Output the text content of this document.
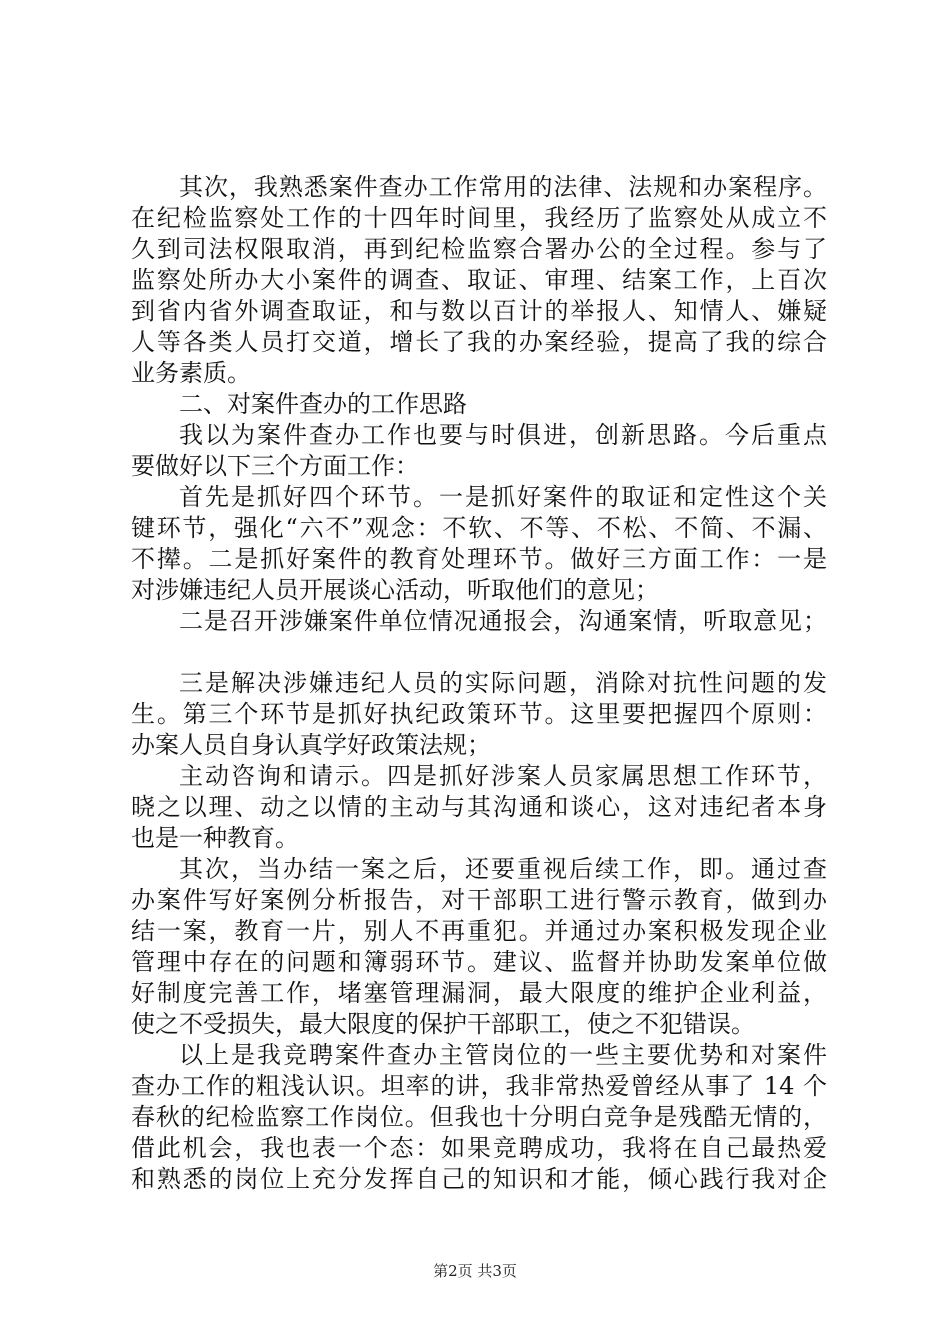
其次，我熟悉案件查办工作常用的法律、法规和办案程序。
在纪检监察处工作的十四年时间里，我经历了监察处从成立不
久到司法权限取消，再到纪检监察合署办公的全过程。参与了
监察处所办大小案件的调查、取证、审理、结案工作，上百次
到省内省外调查取证，和与数以百计的举报人、知情人、嫌疑
人等各类人员打交道，增长了我的办案经验，提高了我的综合
业务素质。
二、对案件查办的工作思路
我以为案件查办工作也要与时俱进，创新思路。今后重点
要做好以下三个方面工作：
首先是抓好四个环节。一是抓好案件的取证和定性这个关
键环节，强化“六不”观念：不软、不等、不松、不简、不漏、
不撵。二是抓好案件的教育处理环节。做好三方面工作：一是
对涉嫌违纪人员开展谈心活动，听取他们的意见；
二是召开涉嫌案件单位情况通报会，沟通案情，听取意见；
三是解决涉嫌违纪人员的实际问题，消除对抗性问题的发
生。第三个环节是抓好执纪政策环节。这里要把握四个原则：
办案人员自身认真学好政策法规；
主动咨询和请示。四是抓好涉案人员家属思想工作环节，
晓之以理、动之以情的主动与其沟通和谈心，这对违纪者本身
也是一种教育。
其次，当办结一案之后，还要重视后续工作，即。通过查
办案件写好案例分析报告，对干部职工进行警示教育，做到办
结一案，教育一片，别人不再重犯。并通过办案积极发现企业
管理中存在的问题和簿弱环节。建议、监督并协助发案单位做
好制度完善工作，堵塞管理漏洞，最大限度的维护企业利益，
使之不受损失，最大限度的保护干部职工，使之不犯错误。
以上是我竞聘案件查办主管岗位的一些主要优势和对案件
查办工作的粗浅认识。坦率的讲，我非常热爱曾经从事了 14 个
春秋的纪检监察工作岗位。但我也十分明白竞争是残酷无情的，
借此机会，我也表一个态：如果竞聘成功，我将在自己最热爱
和熟悉的岗位上充分发挥自己的知识和才能，倾心践行我对企
第2页 共3页
